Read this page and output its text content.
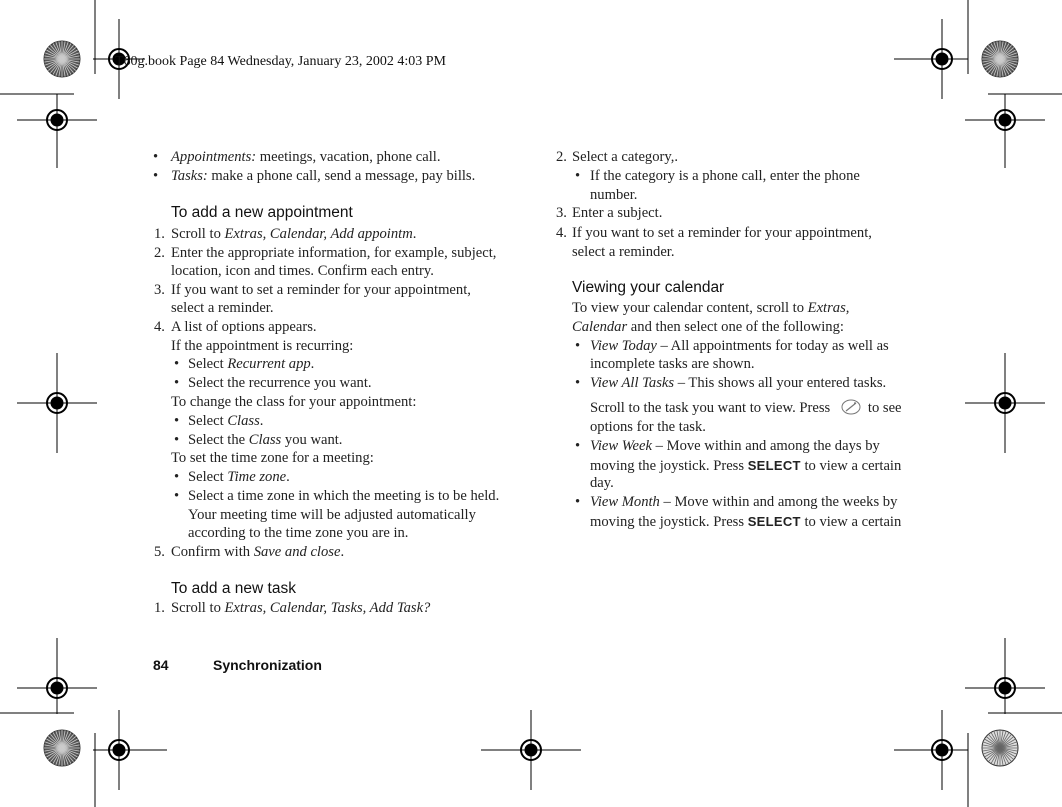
T60g.book Page 84 Wednesday, January 23, 2002 4:03 PM
• Appointments: meetings, vacation, phone call.
• Tasks: make a phone call, send a message, pay bills.
To add a new appointment
1. Scroll to Extras, Calendar, Add appointm.
2. Enter the appropriate information, for example, subject,
location, icon and times. Confirm each entry.
3. If you want to set a reminder for your appointment,
select a reminder.
4. A list of options appears.
If the appointment is recurring:
• Select Recurrent app.
• Select the recurrence you want.
To change the class for your appointment:
• Select Class.
• Select the Class you want.
To set the time zone for a meeting:
• Select Time zone.
• Select a time zone in which the meeting is to be held.
Your meeting time will be adjusted automatically
according to the time zone you are in.
5. Confirm with Save and close.
To add a new task
1. Scroll to Extras, Calendar, Tasks, Add Task?
2. Select a category,.
• If the category is a phone call, enter the phone
number.
3. Enter a subject.
4. If you want to set a reminder for your appointment,
select a reminder.
Viewing your calendar
To view your calendar content, scroll to Extras,
Calendar and then select one of the following:
• View Today – All appointments for today as well as
incomplete tasks are shown.
• View All Tasks – This shows all your entered tasks.
Scroll to the task you want to view. Press	to see
options for the task.
• View Week – Move within and among the days by
moving the joystick. Press SELECT to view a certain
day.
• View Month – Move within and among the weeks by
moving the joystick. Press SELECT to view a certain
84	Synchronization
